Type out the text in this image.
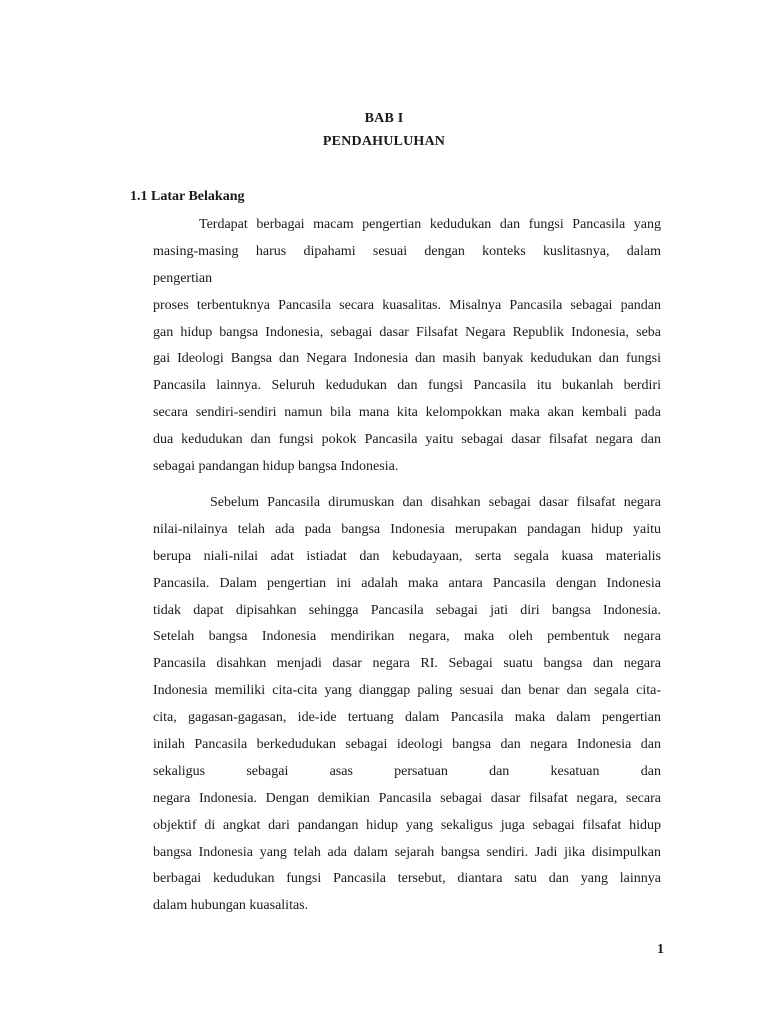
BAB I
PENDAHULUHAN
1.1 Latar Belakang
Terdapat berbagai macam pengertian kedudukan dan fungsi Pancasila yang
masing-masing harus dipahami sesuai dengan konteks kuslitasnya, dalam
pengertian
proses terbentuknya Pancasila secara kuasalitas. Misalnya Pancasila sebagai pandan
gan hidup bangsa Indonesia, sebagai dasar Filsafat Negara Republik Indonesia, seba
gai Ideologi Bangsa dan Negara Indonesia dan masih banyak kedudukan dan fungsi
Pancasila lainnya. Seluruh kedudukan dan fungsi Pancasila itu bukanlah berdiri
secara sendiri-sendiri namun bila mana kita kelompokkan maka akan kembali pada
dua kedudukan dan fungsi pokok Pancasila yaitu sebagai dasar filsafat negara dan
sebagai pandangan hidup bangsa Indonesia.
Sebelum Pancasila dirumuskan dan disahkan sebagai dasar filsafat negara
nilai-nilainya telah ada pada bangsa Indonesia merupakan pandagan hidup yaitu
berupa niali-nilai adat istiadat dan kebudayaan, serta segala kuasa materialis
Pancasila. Dalam pengertian ini adalah maka antara Pancasila dengan Indonesia
tidak dapat dipisahkan sehingga Pancasila sebagai jati diri bangsa Indonesia.
Setelah bangsa Indonesia mendirikan negara, maka oleh pembentuk negara
Pancasila disahkan menjadi dasar negara RI. Sebagai suatu bangsa dan negara
Indonesia memiliki cita-cita yang dianggap paling sesuai dan benar dan segala cita-
cita, gagasan-gagasan, ide-ide tertuang dalam Pancasila maka dalam pengertian
inilah Pancasila berkedudukan sebagai ideologi bangsa dan negara Indonesia dan
sekaligus sebagai asas persatuan dan kesatuan dan
negara Indonesia. Dengan demikian Pancasila sebagai dasar filsafat negara, secara
objektif di angkat dari pandangan hidup yang sekaligus juga sebagai filsafat hidup
bangsa Indonesia yang telah ada dalam sejarah bangsa sendiri. Jadi jika disimpulkan
berbagai kedudukan fungsi Pancasila tersebut, diantara satu dan yang lainnya
dalam hubungan kuasalitas.
1
